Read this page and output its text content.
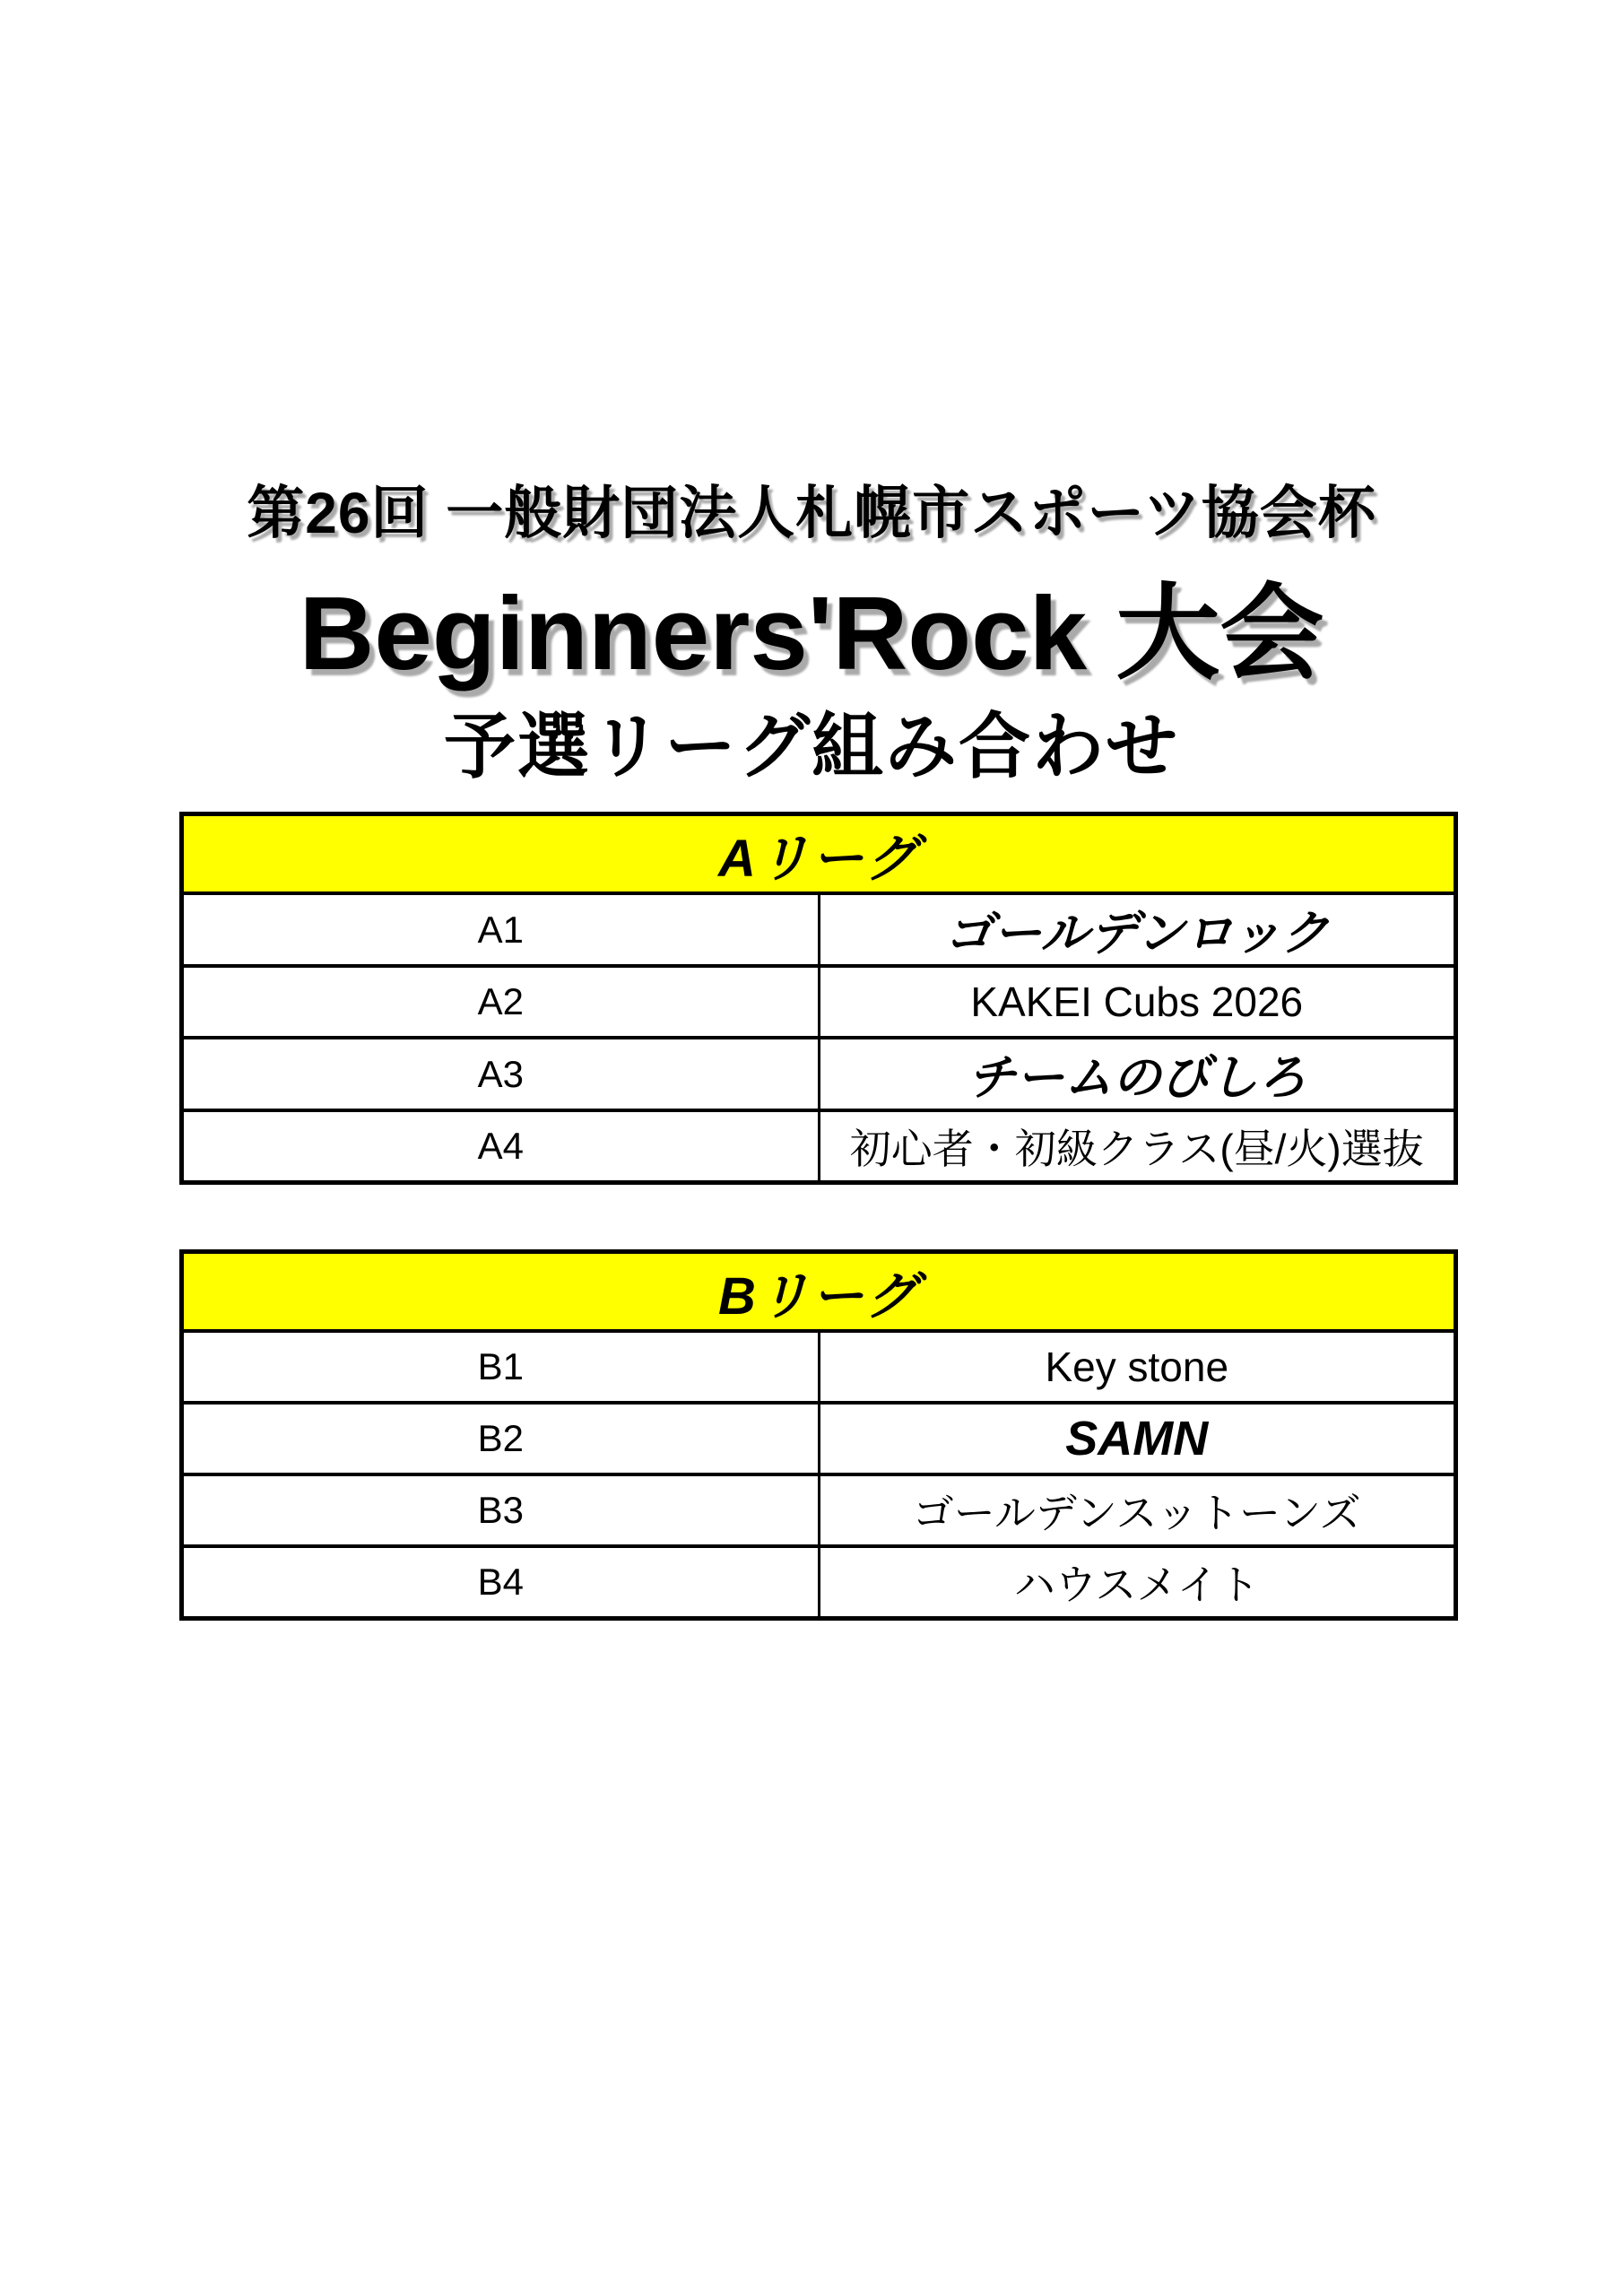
第26回 一般財団法人札幌市スポーツ協会杯
Beginners'Rock 大会
予選リーグ組み合わせ
Aリーグ	
A1	ゴールデンロック
A2	KAKEI Cubs 2026
A3	チームのびしろ
A4	初心者・初級クラス(昼/火)選抜
Bリーグ	
B1	Key stone
B2	SAMN
B3	ゴールデンスットーンズ
B4	ハウスメイト
